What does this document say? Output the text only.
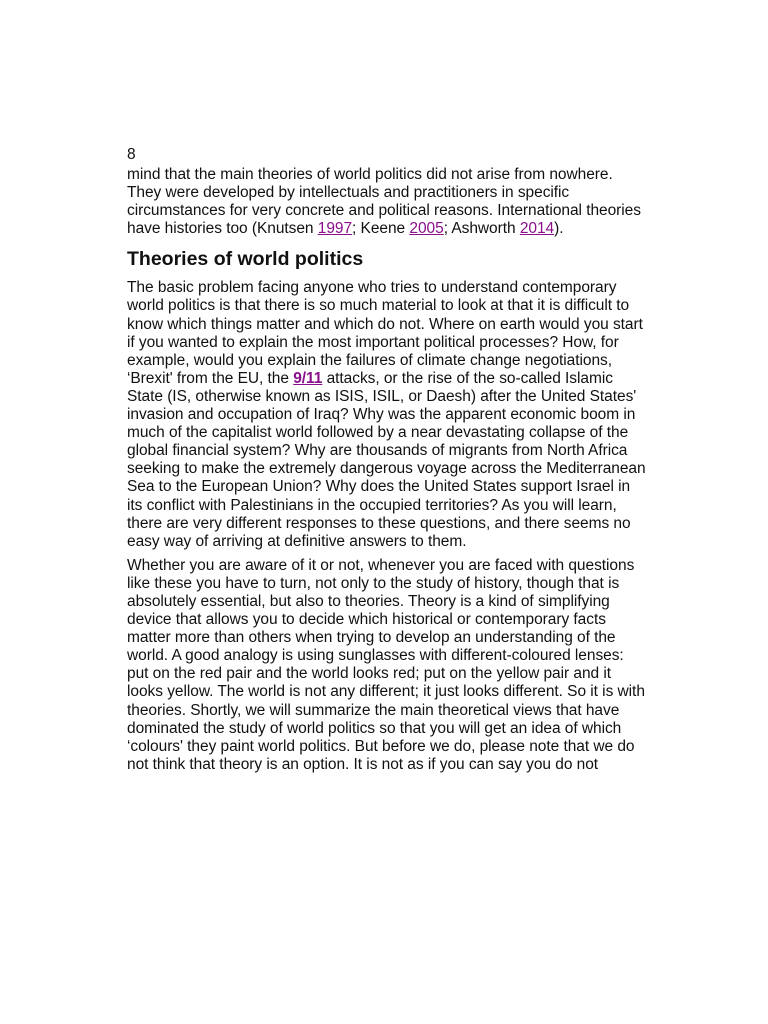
8

mind that the main theories of world politics did not arise from nowhere. They were developed by intellectuals and practitioners in specific circumstances for very concrete and political reasons. International theories have histories too (Knutsen 1997; Keene 2005; Ashworth 2014).

Theories of world politics

The basic problem facing anyone who tries to understand contemporary world politics is that there is so much material to look at that it is difficult to know which things matter and which do not. Where on earth would you start if you wanted to explain the most important political processes? How, for example, would you explain the failures of climate change negotiations, ‘Brexit' from the EU, the 9/11 attacks, or the rise of the so-called Islamic State (IS, otherwise known as ISIS, ISIL, or Daesh) after the United States' invasion and occupation of Iraq? Why was the apparent economic boom in much of the capitalist world followed by a near devastating collapse of the global financial system? Why are thousands of migrants from North Africa seeking to make the extremely dangerous voyage across the Mediterranean Sea to the European Union? Why does the United States support Israel in its conflict with Palestinians in the occupied territories? As you will learn, there are very different responses to these questions, and there seems no easy way of arriving at definitive answers to them.

Whether you are aware of it or not, whenever you are faced with questions like these you have to turn, not only to the study of history, though that is absolutely essential, but also to theories. Theory is a kind of simplifying device that allows you to decide which historical or contemporary facts matter more than others when trying to develop an understanding of the world. A good analogy is using sunglasses with different-coloured lenses: put on the red pair and the world looks red; put on the yellow pair and it looks yellow. The world is not any different; it just looks different. So it is with theories. Shortly, we will summarize the main theoretical views that have dominated the study of world politics so that you will get an idea of which ‘colours' they paint world politics. But before we do, please note that we do not think that theory is an option. It is not as if you can say you do not
